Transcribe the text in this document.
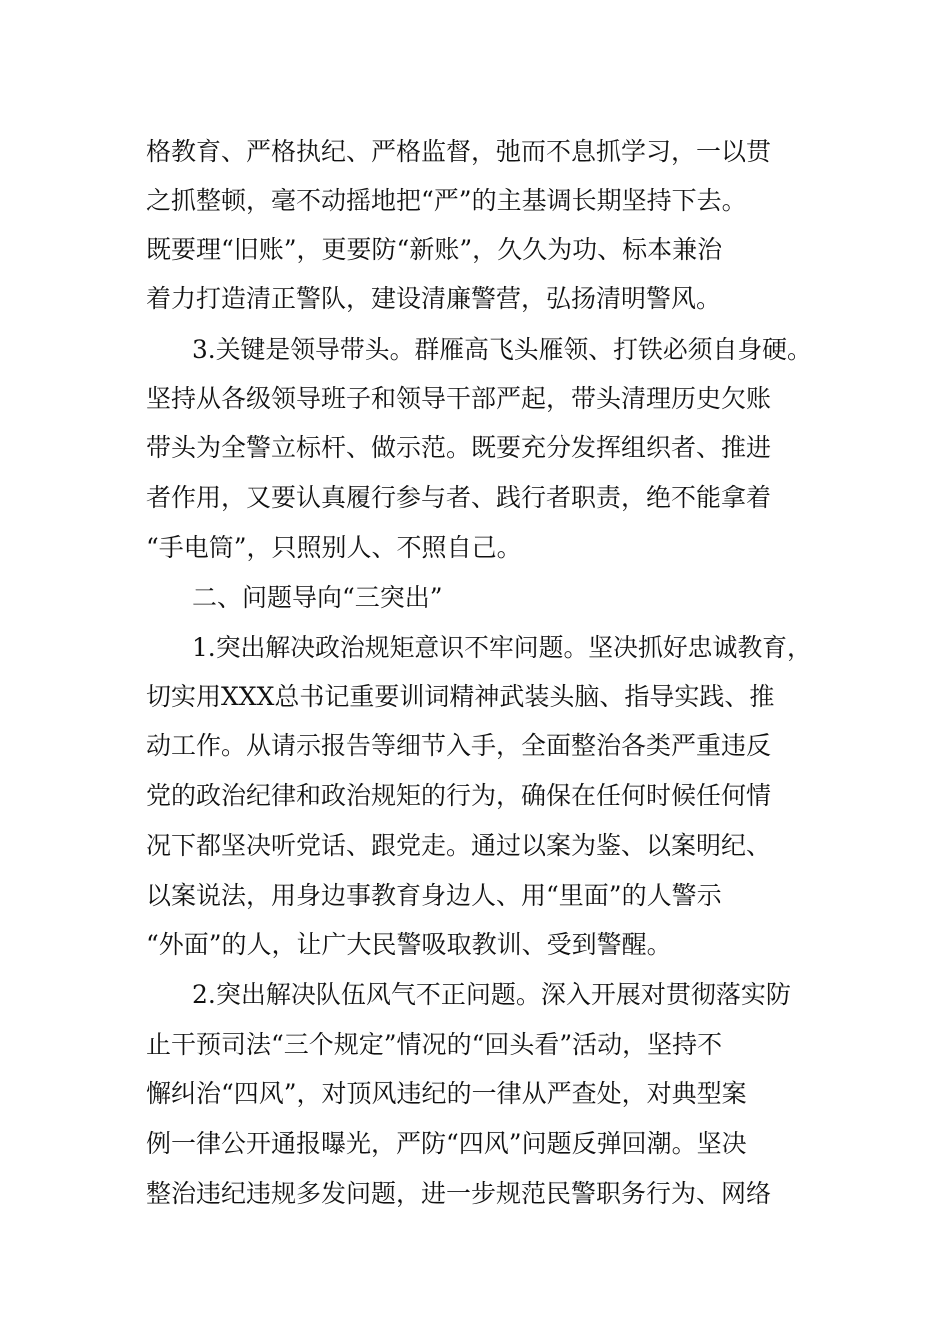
格教育、严格执纪、严格监督，弛而不息抓学习，一以贯
之抓整顿，毫不动摇地把“严”的主基调长期坚持下去。
既要理“旧账”，更要防“新账”，久久为功、标本兼治
着力打造清正警队，建设清廉警营，弘扬清明警风。
3.关键是领导带头。群雁高飞头雁领、打铁必须自身硬。
坚持从各级领导班子和领导干部严起，带头清理历史欠账
带头为全警立标杆、做示范。既要充分发挥组织者、推进
者作用，又要认真履行参与者、践行者职责，绝不能拿着
“手电筒”，只照别人、不照自己。
二、问题导向“三突出”
1.突出解决政治规矩意识不牢问题。坚决抓好忠诚教育，
切实用XXX总书记重要训词精神武装头脑、指导实践、推
动工作。从请示报告等细节入手，全面整治各类严重违反
党的政治纪律和政治规矩的行为，确保在任何时候任何情
况下都坚决听党话、跟党走。通过以案为鉴、以案明纪、
以案说法，用身边事教育身边人、用“里面”的人警示
“外面”的人，让广大民警吸取教训、受到警醒。
2.突出解决队伍风气不正问题。深入开展对贯彻落实防
止干预司法“三个规定”情况的“回头看”活动，坚持不
懈纠治“四风”，对顶风违纪的一律从严查处，对典型案
例一律公开通报曝光，严防“四风”问题反弹回潮。坚决
整治违纪违规多发问题，进一步规范民警职务行为、网络
